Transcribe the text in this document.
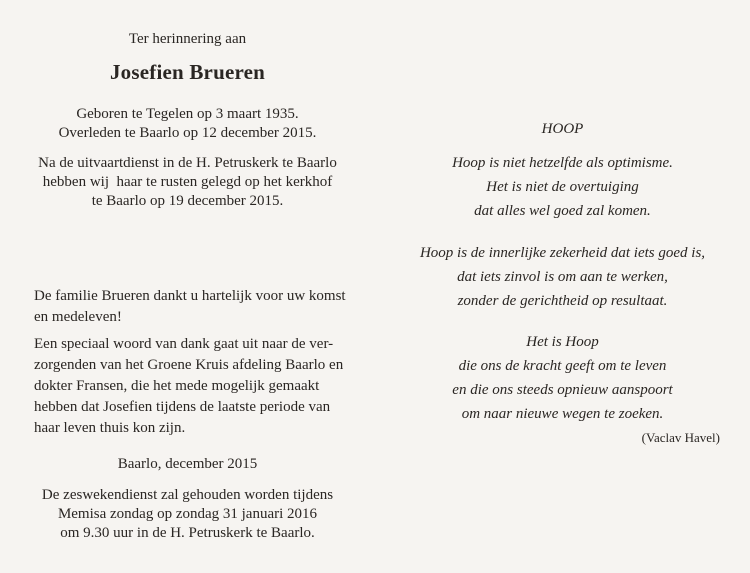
Ter herinnering aan
Josefien Brueren
Geboren te Tegelen op 3 maart 1935.
Overleden te Baarlo op 12 december 2015.
Na de uitvaartdienst in de H. Petruskerk te Baarlo
hebben wij  haar te rusten gelegd op het kerkhof
te Baarlo op 19 december 2015.
De familie Brueren dankt u hartelijk voor uw komst
en medeleven!
Een speciaal woord van dank gaat uit naar de ver-
zorgenden van het Groene Kruis afdeling Baarlo en
dokter Fransen, die het mede mogelijk gemaakt
hebben dat Josefien tijdens de laatste periode van
haar leven thuis kon zijn.
Baarlo, december 2015
De zeswekendienst zal gehouden worden tijdens
Memisa zondag op zondag 31 januari 2016
om 9.30 uur in de H. Petruskerk te Baarlo.
HOOP
Hoop is niet hetzelfde als optimisme.
Het is niet de overtuiging
dat alles wel goed zal komen.
Hoop is de innerlijke zekerheid dat iets goed is,
dat iets zinvol is om aan te werken,
zonder de gerichtheid op resultaat.
Het is Hoop
die ons de kracht geeft om te leven
en die ons steeds opnieuw aanspoort
om naar nieuwe wegen te zoeken.
(Vaclav Havel)
